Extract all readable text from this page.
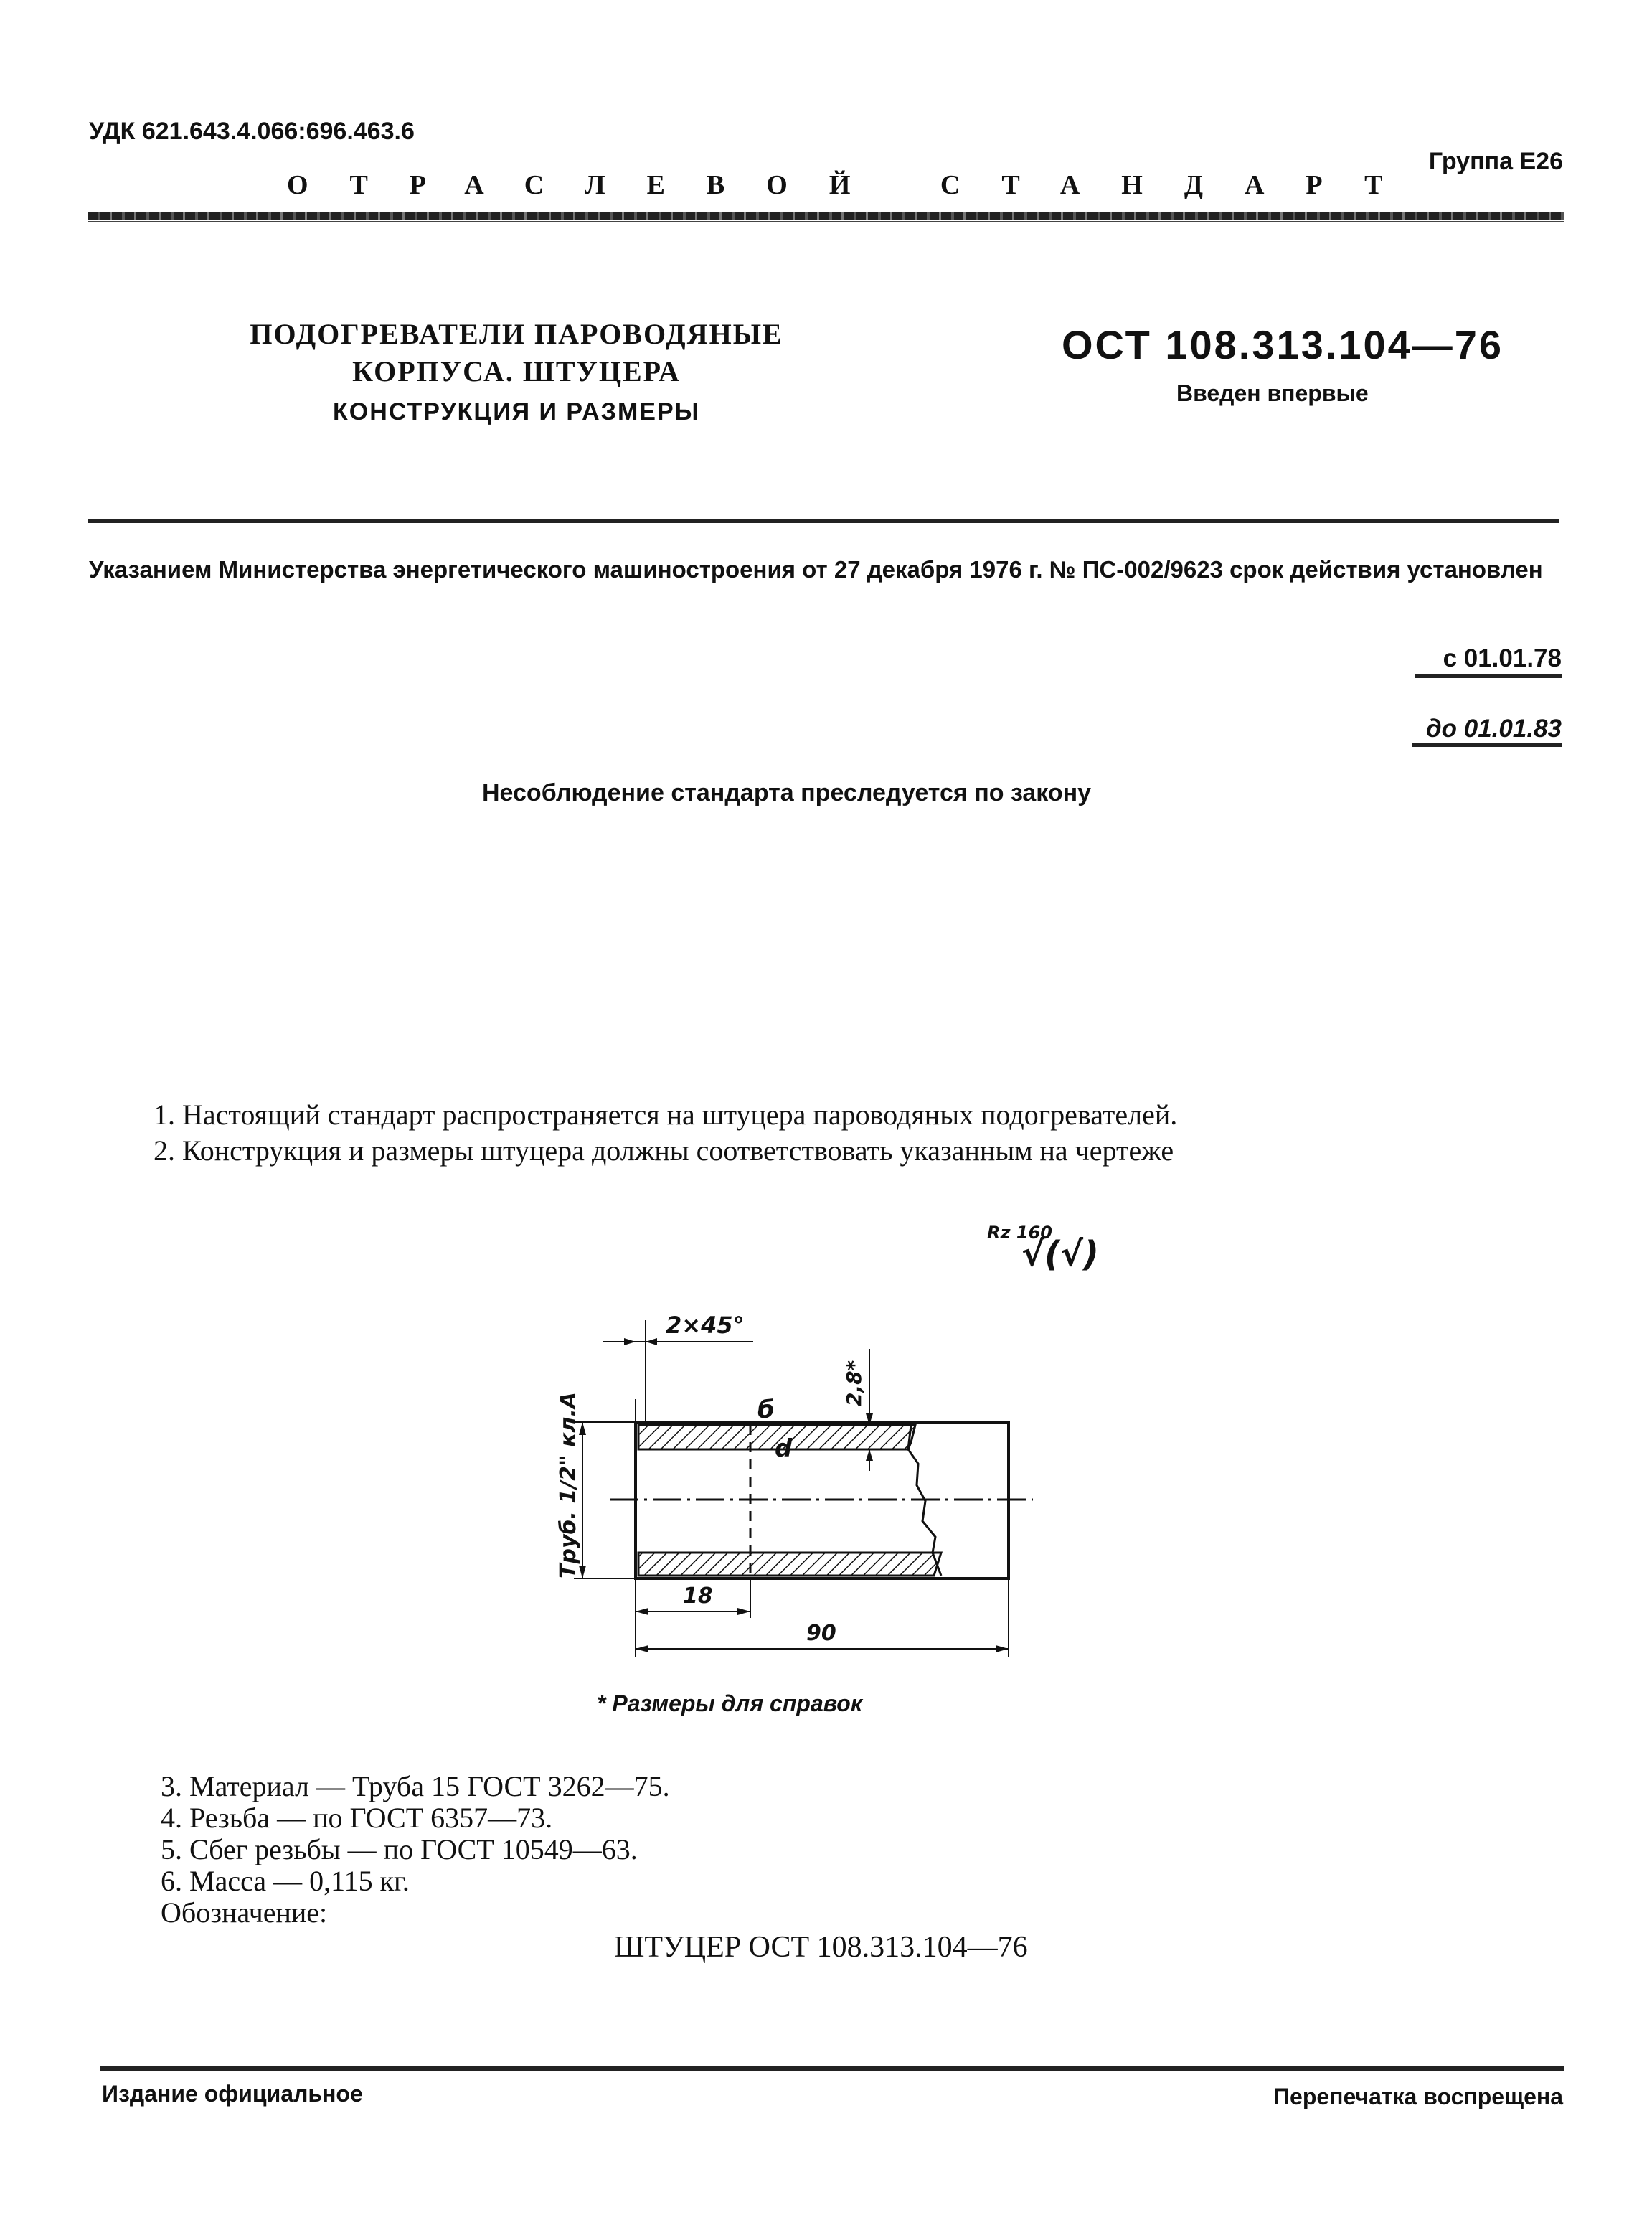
УДК 621.643.4.066:696.463.6
Группа Е26
ОТРАСЛЕВОЙ СТАНДАРТ
ПОДОГРЕВАТЕЛИ ПАРОВОДЯНЫЕ
КОРПУСА. ШТУЦЕРА
КОНСТРУКЦИЯ И РАЗМЕРЫ
ОСТ 108.313.104—76
Введен впервые
Указанием Министерства энергетического машиностроения от 27 декабря 1976 г. № ПС-002/9623 срок действия установлен
с 01.01.78
до 01.01.83
Несоблюдение стандарта преследуется по закону
1. Настоящий стандарт распространяется на штуцера пароводяных подогревателей.
2. Конструкция и размеры штуцера должны соответствовать указанным на чертеже
Rz 160
√(√)
2×45°
Труб. 1/2" кл.А
2,8*
б
d
18
90
* Размеры для справок
3. Материал — Труба 15 ГОСТ 3262—75.
4. Резьба — по ГОСТ 6357—73.
5. Сбег резьбы — по ГОСТ 10549—63.
6. Масса — 0,115 кг.
Обозначение:
ШТУЦЕР ОСТ 108.313.104—76
Издание официальное	Перепечатка воспрещена
